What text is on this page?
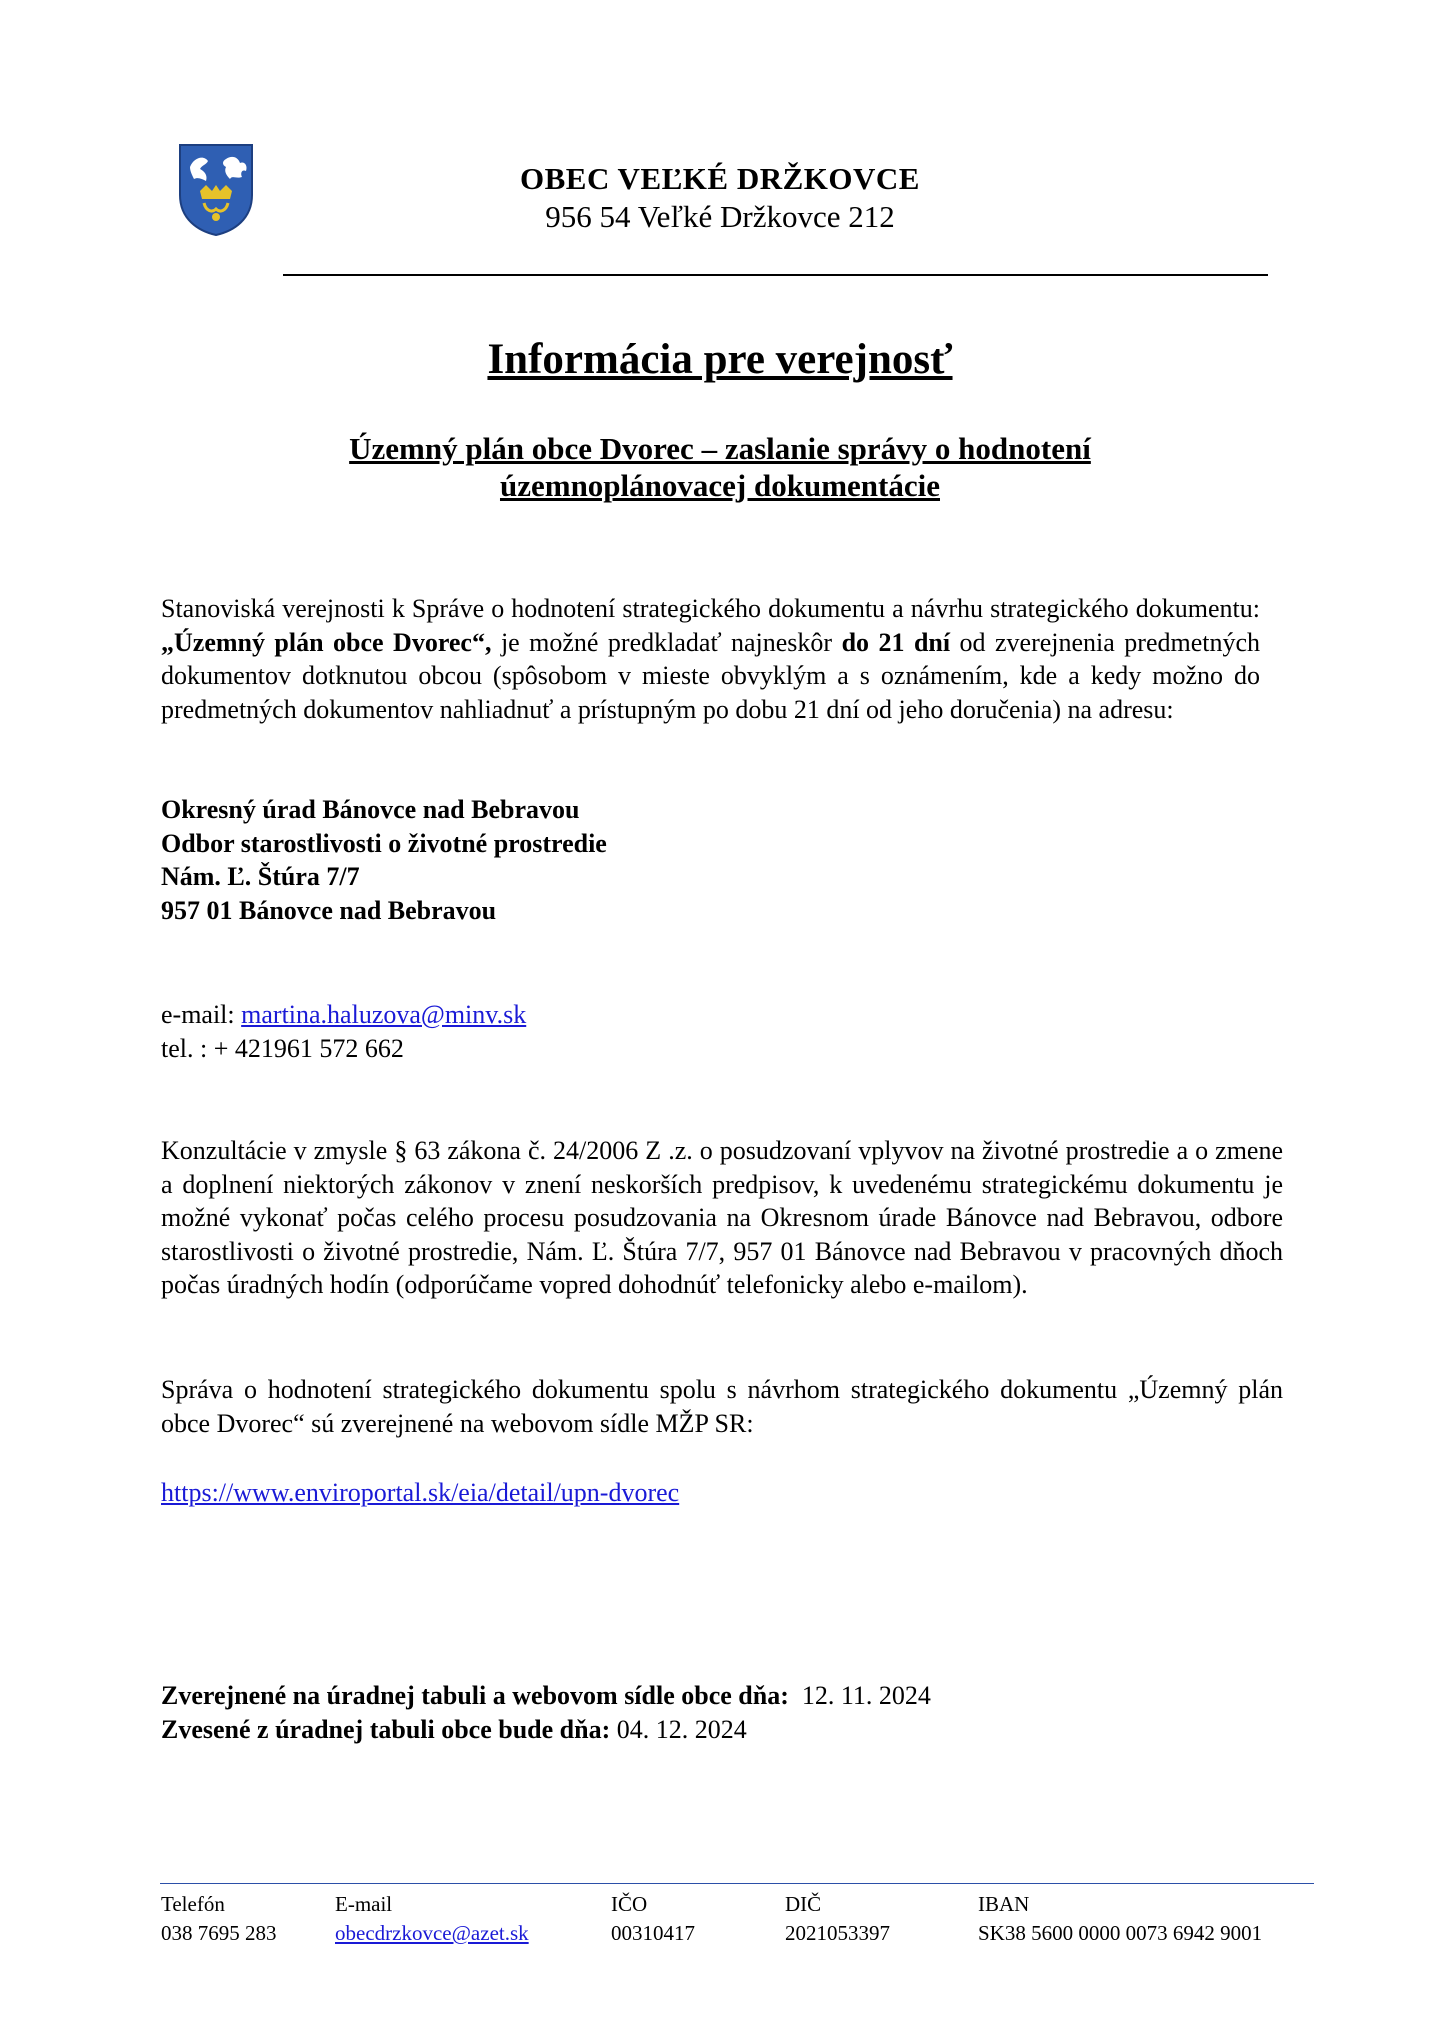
OBEC VEĽKÉ DRŽKOVCE
956 54 Veľké Držkovce 212
Informácia pre verejnosť
Územný plán obce Dvorec – zaslanie správy o hodnotení
územnoplánovacej dokumentácie

Stanoviská verejnosti k Správe o hodnotení strategického dokumentu a návrhu strategického dokumentu: „Územný plán obce Dvorec“, je možné predkladať najneskôr do 21 dní od zverejnenia predmetných dokumentov dotknutou obcou (spôsobom v mieste obvyklým a s oznámením, kde a kedy možno do predmetných dokumentov nahliadnuť a prístupným po dobu 21 dní od jeho doručenia) na adresu:

Okresný úrad Bánovce nad Bebravou
Odbor starostlivosti o životné prostredie
Nám. Ľ. Štúra 7/7
957 01 Bánovce nad Bebravou
e-mail: martina.haluzova@minv.sk
tel. : + 421961 572 662

Konzultácie v zmysle § 63 zákona č. 24/2006 Z .z. o posudzovaní vplyvov na životné prostredie a o zmene a doplnení niektorých zákonov v znení neskorších predpisov, k uvedenému strategickému dokumentu je možné vykonať počas celého procesu posudzovania na Okresnom úrade Bánovce nad Bebravou, odbore starostlivosti o životné prostredie, Nám. Ľ. Štúra 7/7, 957 01 Bánovce nad Bebravou v pracovných dňoch počas úradných hodín (odporúčame vopred dohodnúť telefonicky alebo e-mailom).

Správa o hodnotení strategického dokumentu spolu s návrhom strategického dokumentu „Územný plán obce Dvorec“ sú zverejnené na webovom sídle MŽP SR:

https://www.enviroportal.sk/eia/detail/upn-dvorec
Zverejnené na úradnej tabuli a webovom sídle obce dňa:  12. 11. 2024
Zvesené z úradnej tabuli obce bude dňa: 04. 12. 2024
Telefón
038 7695 283
E-mail
obecdrzkovce@azet.sk
IČO
00310417
DIČ
2021053397
IBAN
SK38 5600 0000 0073 6942 9001
